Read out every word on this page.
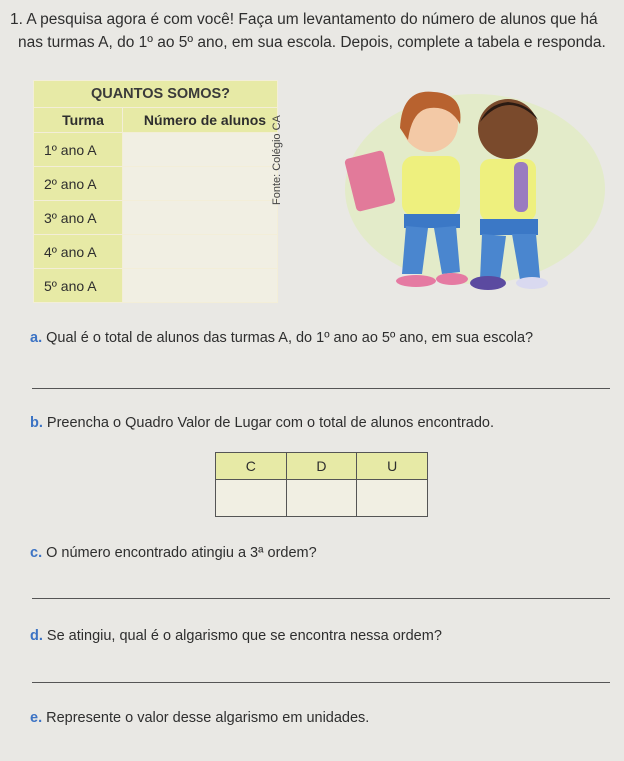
1. A pesquisa agora é com você! Faça um levantamento do número de alunos que há
nas turmas A, do 1º ao 5º ano, em sua escola. Depois, complete a tabela e responda.
QUANTOS SOMOS?	
Turma	Número de alunos
1º ano A	
2º ano A	
3º ano A	
4º ano A	
5º ano A	
Fonte: Colégio CA
a. Qual é o total de alunos das turmas A, do 1º ano ao 5º ano, em sua escola?
b. Preencha o Quadro Valor de Lugar com o total de alunos encontrado.
C	D	U

c. O número encontrado atingiu a 3ª ordem?
d. Se atingiu, qual é o algarismo que se encontra nessa ordem?
e. Represente o valor desse algarismo em unidades.
